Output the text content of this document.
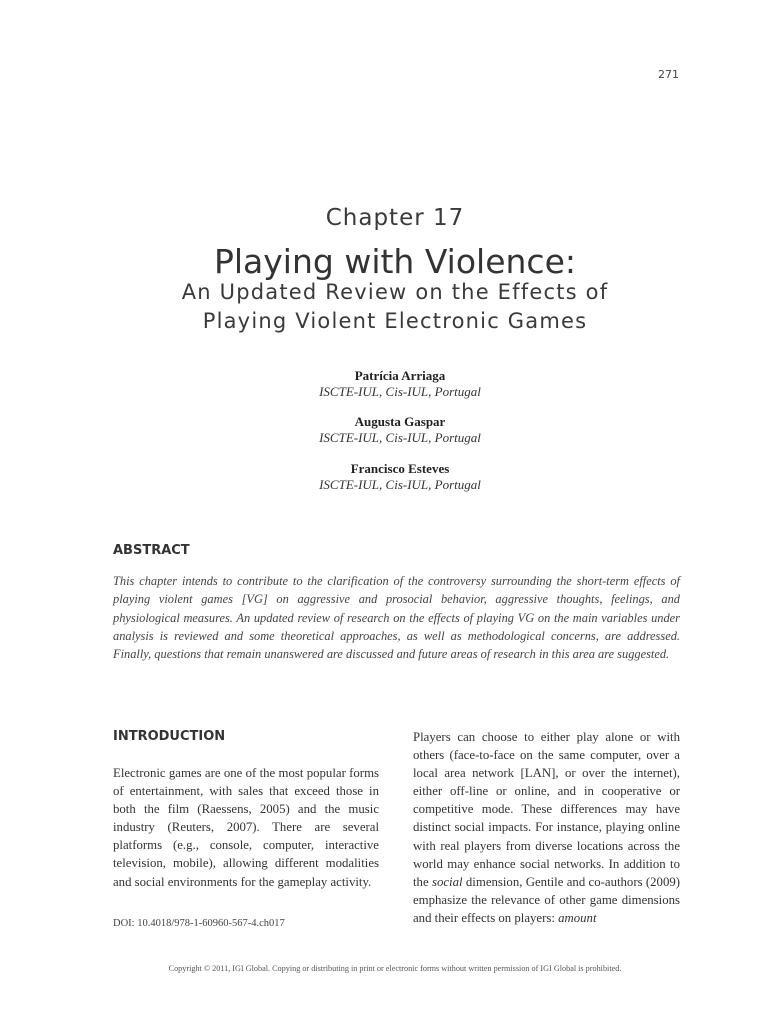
271
Chapter 17
Playing with Violence:
An Updated Review on the Effects of
Playing Violent Electronic Games
Patrícia Arriaga
ISCTE-IUL, Cis-IUL, Portugal
Augusta Gaspar
ISCTE-IUL, Cis-IUL, Portugal
Francisco Esteves
ISCTE-IUL, Cis-IUL, Portugal
ABSTRACT
This chapter intends to contribute to the clarification of the controversy surrounding the short-term effects of playing violent games [VG] on aggressive and prosocial behavior, aggressive thoughts, feelings, and physiological measures. An updated review of research on the effects of playing VG on the main variables under analysis is reviewed and some theoretical approaches, as well as methodological concerns, are addressed. Finally, questions that remain unanswered are discussed and future areas of research in this area are suggested.
INTRODUCTION
Electronic games are one of the most popular forms of entertainment, with sales that exceed those in both the film (Raessens, 2005) and the music industry (Reuters, 2007). There are several platforms (e.g., console, computer, interactive television, mobile), allowing different modalities and social environments for the gameplay activity.
Players can choose to either play alone or with others (face-to-face on the same computer, over a local area network [LAN], or over the internet), either off-line or online, and in cooperative or competitive mode. These differences may have distinct social impacts. For instance, playing online with real players from diverse locations across the world may enhance social networks. In addition to the social dimension, Gentile and co-authors (2009) emphasize the relevance of other game dimensions and their effects on players: amount
DOI: 10.4018/978-1-60960-567-4.ch017
Copyright © 2011, IGI Global. Copying or distributing in print or electronic forms without written permission of IGI Global is prohibited.
